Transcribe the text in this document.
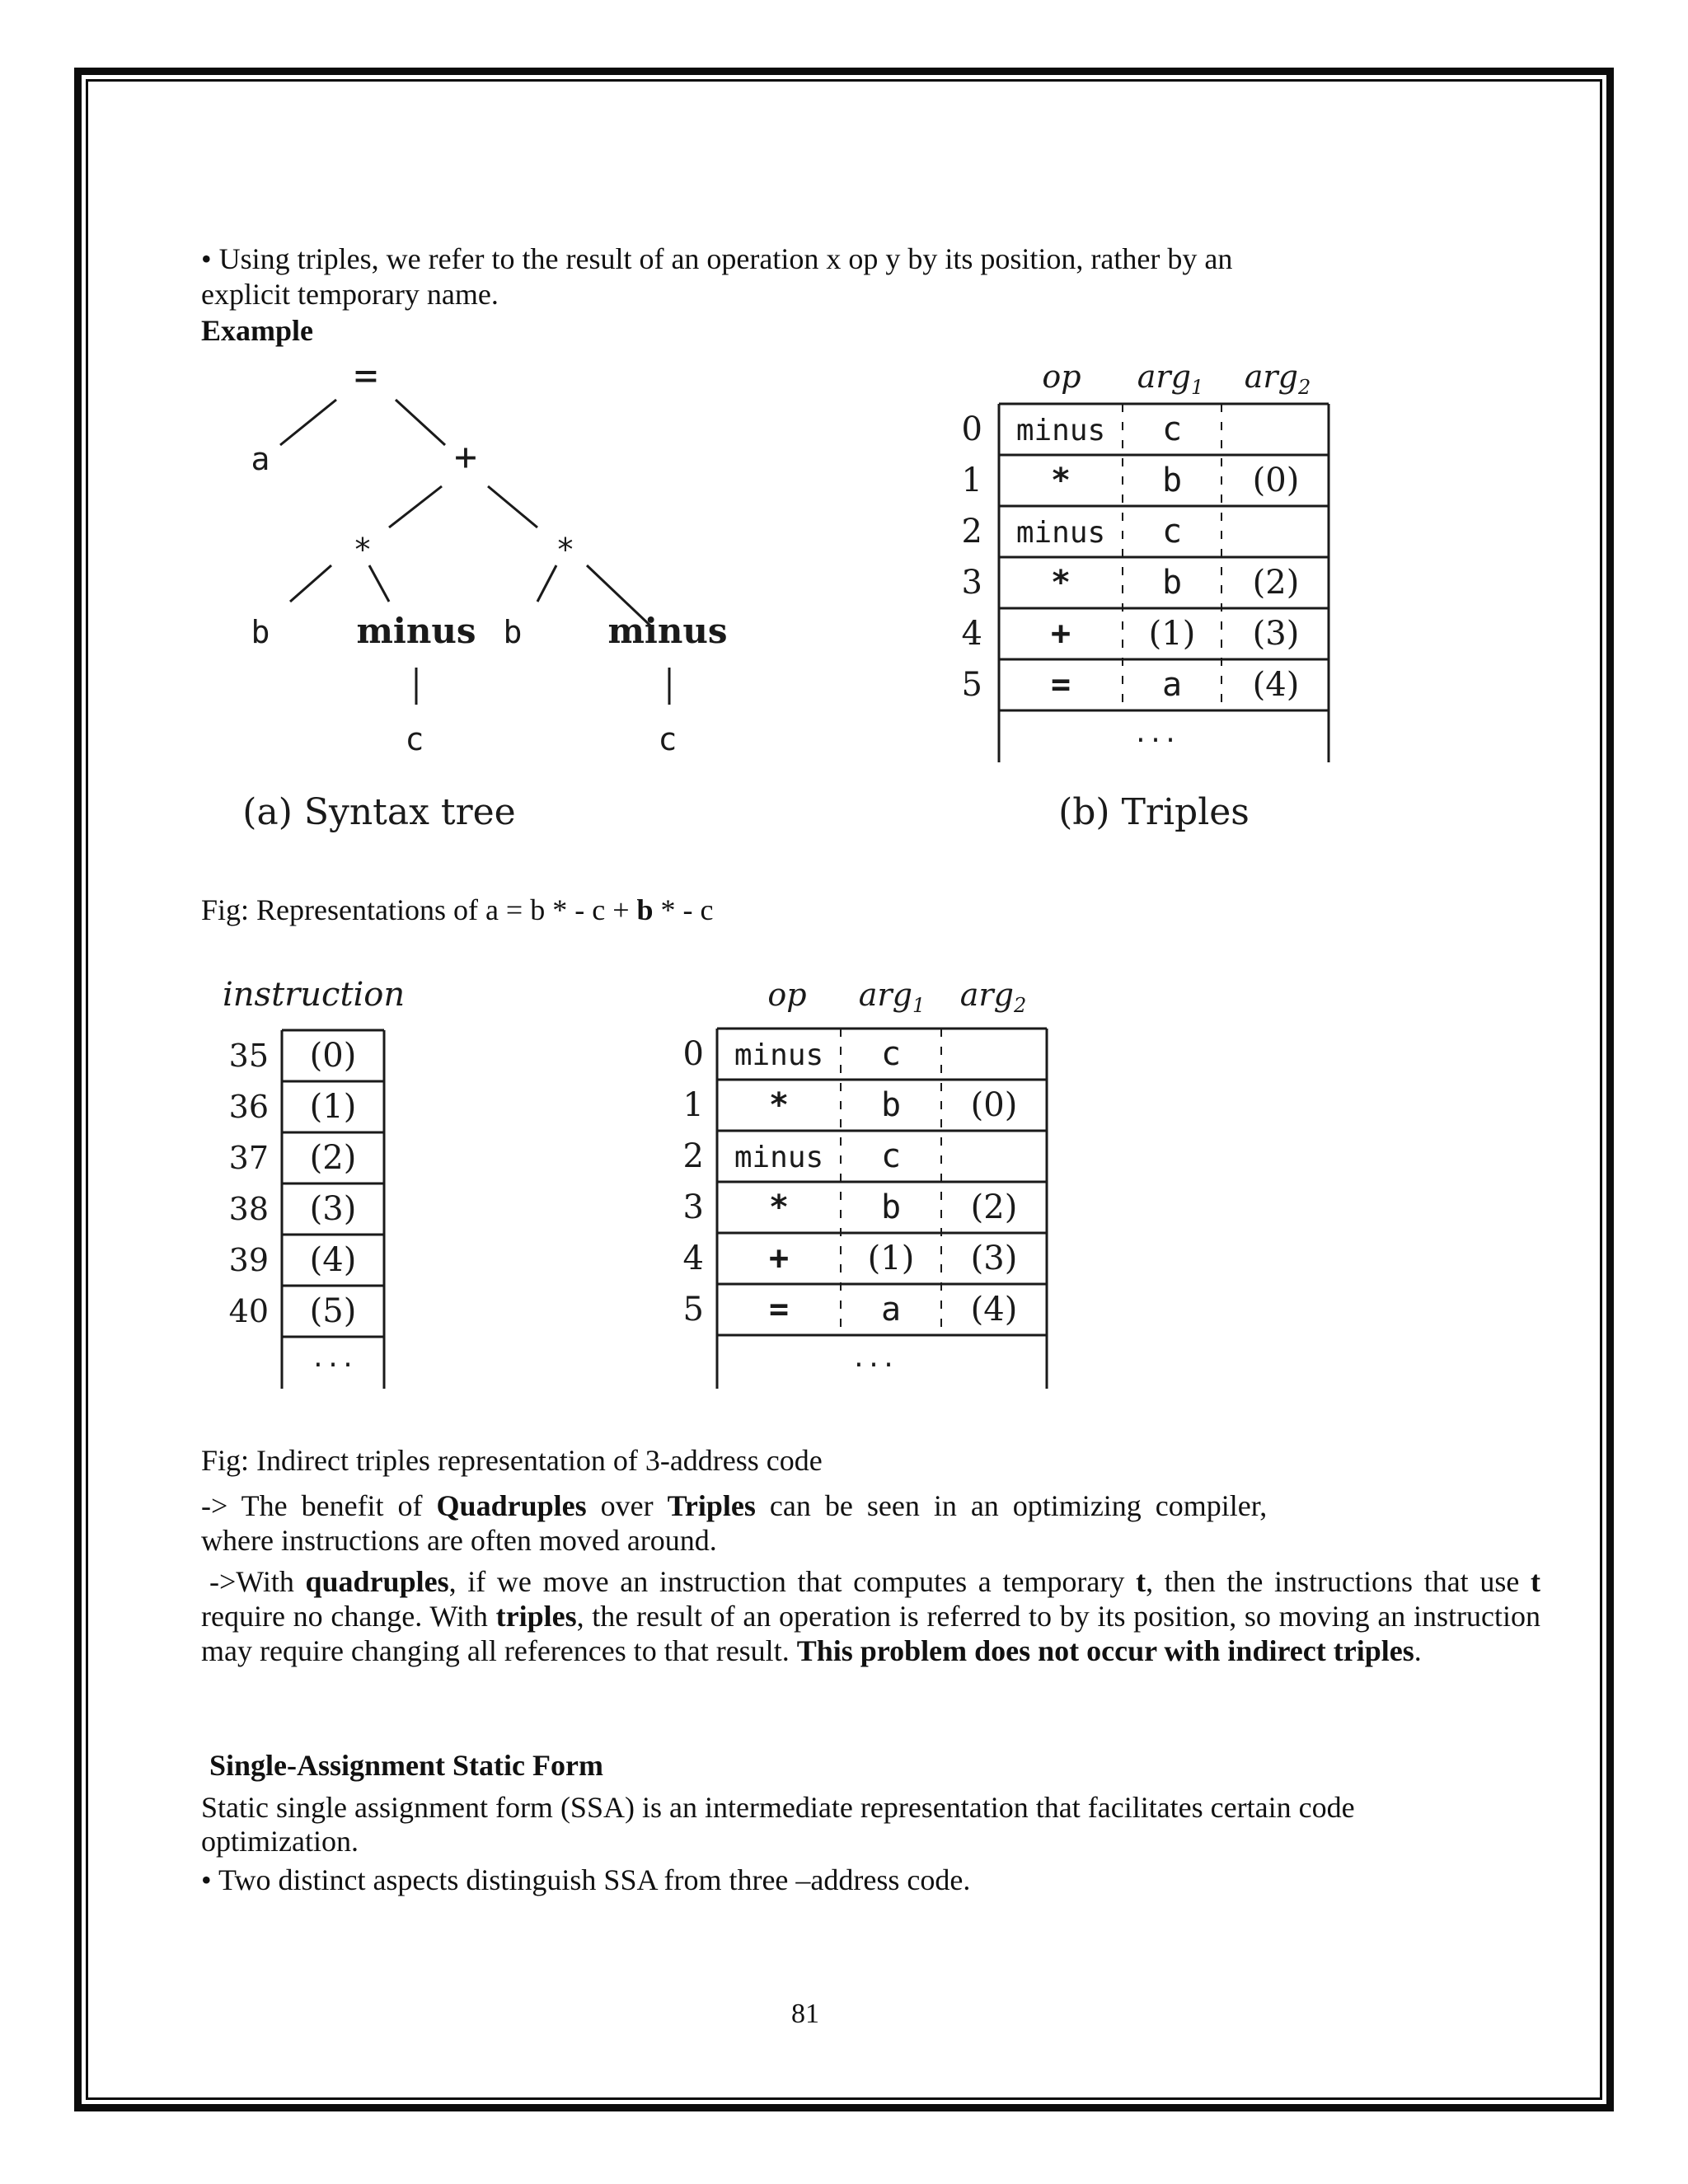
• Using triples, we refer to the result of an operation x op y by its position, rather by an
explicit temporary name.
Example
=
a	+
*	*
b minus b minus
c	c
(a) Syntax tree
op arg$_1$ arg$_2$
0 minus c
1 *	b (0)
2 minus c
3 *	b (2)
4 + (1) (3)
5 =	a (4)
...
(b) Triples
Fig: Representations of a = b * - c + b * - c
instruction
35 (0)
36 (1)
37 (2)
38 (3)
39 (4)
40 (5)
...
op arg$_1$ arg$_2$
0 minus c
1 *	b (0)
2 minus c
3 *	b (2)
4 + (1) (3)
5 =	a (4)
...
Fig: Indirect triples representation of 3-address code
-> The benefit of Quadruples over Triples can be seen in an optimizing compiler,
where instructions are often moved around.

->With quadruples, if we move an instruction that computes a temporary t, then the instructions that use t require no change. With triples, the result of an operation is referred to by its position, so moving an instruction may require changing all references to that result. This problem does not occur with indirect triples.

Single-Assignment Static Form
Static single assignment form (SSA) is an intermediate representation that facilitates certain code
optimization.
• Two distinct aspects distinguish SSA from three –address code.
81
